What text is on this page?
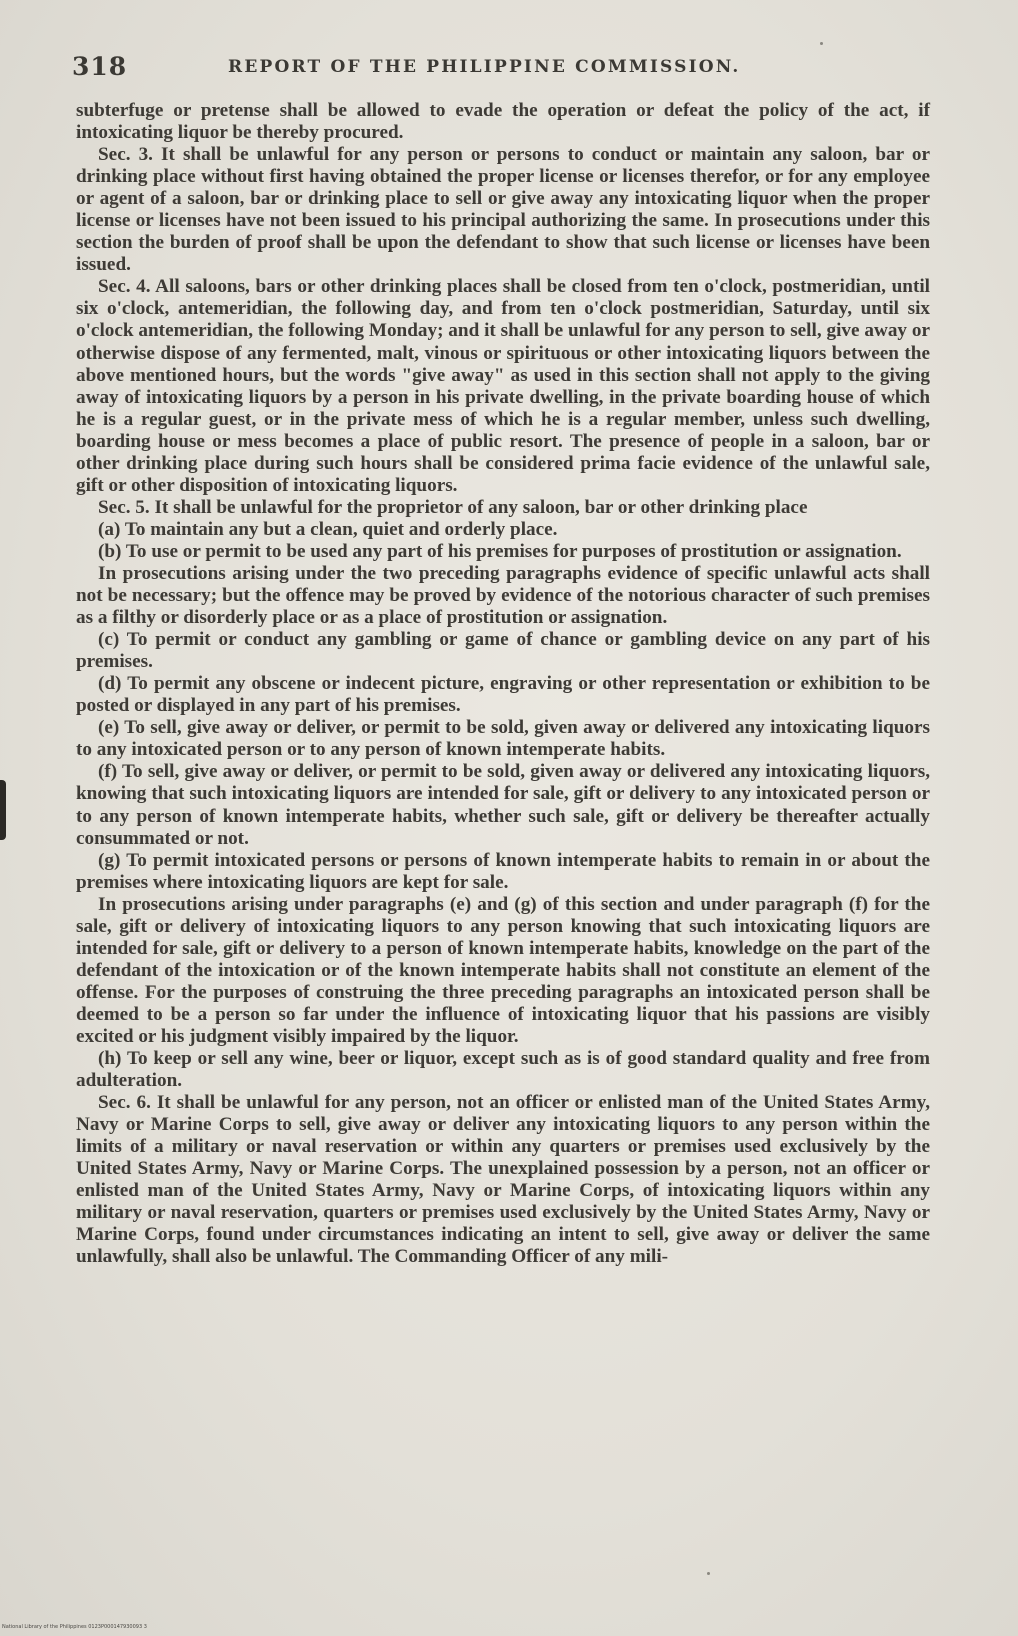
318	REPORT OF THE PHILIPPINE COMMISSION.

subterfuge or pretense shall be allowed to evade the operation or defeat the policy of the act, if intoxicating liquor be thereby procured.

Sec. 3. It shall be unlawful for any person or persons to conduct or maintain any saloon, bar or drinking place without first having obtained the proper license or licenses therefor, or for any employee or agent of a saloon, bar or drinking place to sell or give away any intoxicating liquor when the proper license or licenses have not been issued to his principal authorizing the same. In prosecutions under this section the burden of proof shall be upon the defendant to show that such license or licenses have been issued.

Sec. 4. All saloons, bars or other drinking places shall be closed from ten o'clock, postmeridian, until six o'clock, antemeridian, the following day, and from ten o'clock postmeridian, Saturday, until six o'clock antemeridian, the following Monday; and it shall be unlawful for any person to sell, give away or otherwise dispose of any fermented, malt, vinous or spirituous or other intoxicating liquors between the above mentioned hours, but the words "give away" as used in this section shall not apply to the giving away of intoxicating liquors by a person in his private dwelling, in the private boarding house of which he is a regular guest, or in the private mess of which he is a regular member, unless such dwelling, boarding house or mess becomes a place of public resort. The presence of people in a saloon, bar or other drinking place during such hours shall be considered prima facie evidence of the unlawful sale, gift or other disposition of intoxicating liquors.

Sec. 5. It shall be unlawful for the proprietor of any saloon, bar or other drinking place

(a) To maintain any but a clean, quiet and orderly place.

(b) To use or permit to be used any part of his premises for purposes of prostitution or assignation.

In prosecutions arising under the two preceding paragraphs evidence of specific unlawful acts shall not be necessary; but the offence may be proved by evidence of the notorious character of such premises as a filthy or disorderly place or as a place of prostitution or assignation.

(c) To permit or conduct any gambling or game of chance or gambling device on any part of his premises.

(d) To permit any obscene or indecent picture, engraving or other representation or exhibition to be posted or displayed in any part of his premises.

(e) To sell, give away or deliver, or permit to be sold, given away or delivered any intoxicating liquors to any intoxicated person or to any person of known intemperate habits.

(f) To sell, give away or deliver, or permit to be sold, given away or delivered any intoxicating liquors, knowing that such intoxicating liquors are intended for sale, gift or delivery to any intoxicated person or to any person of known intemperate habits, whether such sale, gift or delivery be thereafter actually consummated or not.

(g) To permit intoxicated persons or persons of known intemperate habits to remain in or about the premises where intoxicating liquors are kept for sale.

In prosecutions arising under paragraphs (e) and (g) of this section and under paragraph (f) for the sale, gift or delivery of intoxicating liquors to any person knowing that such intoxicating liquors are intended for sale, gift or delivery to a person of known intemperate habits, knowledge on the part of the defendant of the intoxication or of the known intemperate habits shall not constitute an element of the offense. For the purposes of construing the three preceding paragraphs an intoxicated person shall be deemed to be a person so far under the influence of intoxicating liquor that his passions are visibly excited or his judgment visibly impaired by the liquor.

(h) To keep or sell any wine, beer or liquor, except such as is of good standard quality and free from adulteration.

Sec. 6. It shall be unlawful for any person, not an officer or enlisted man of the United States Army, Navy or Marine Corps to sell, give away or deliver any intoxicating liquors to any person within the limits of a military or naval reservation or within any quarters or premises used exclusively by the United States Army, Navy or Marine Corps. The unexplained possession by a person, not an officer or enlisted man of the United States Army, Navy or Marine Corps, of intoxicating liquors within any military or naval reservation, quarters or premises used exclusively by the United States Army, Navy or Marine Corps, found under circumstances indicating an intent to sell, give away or deliver the same unlawfully, shall also be unlawful. The Commanding Officer of any mili-

National Library of the Philippines 0123P000147930093 3
